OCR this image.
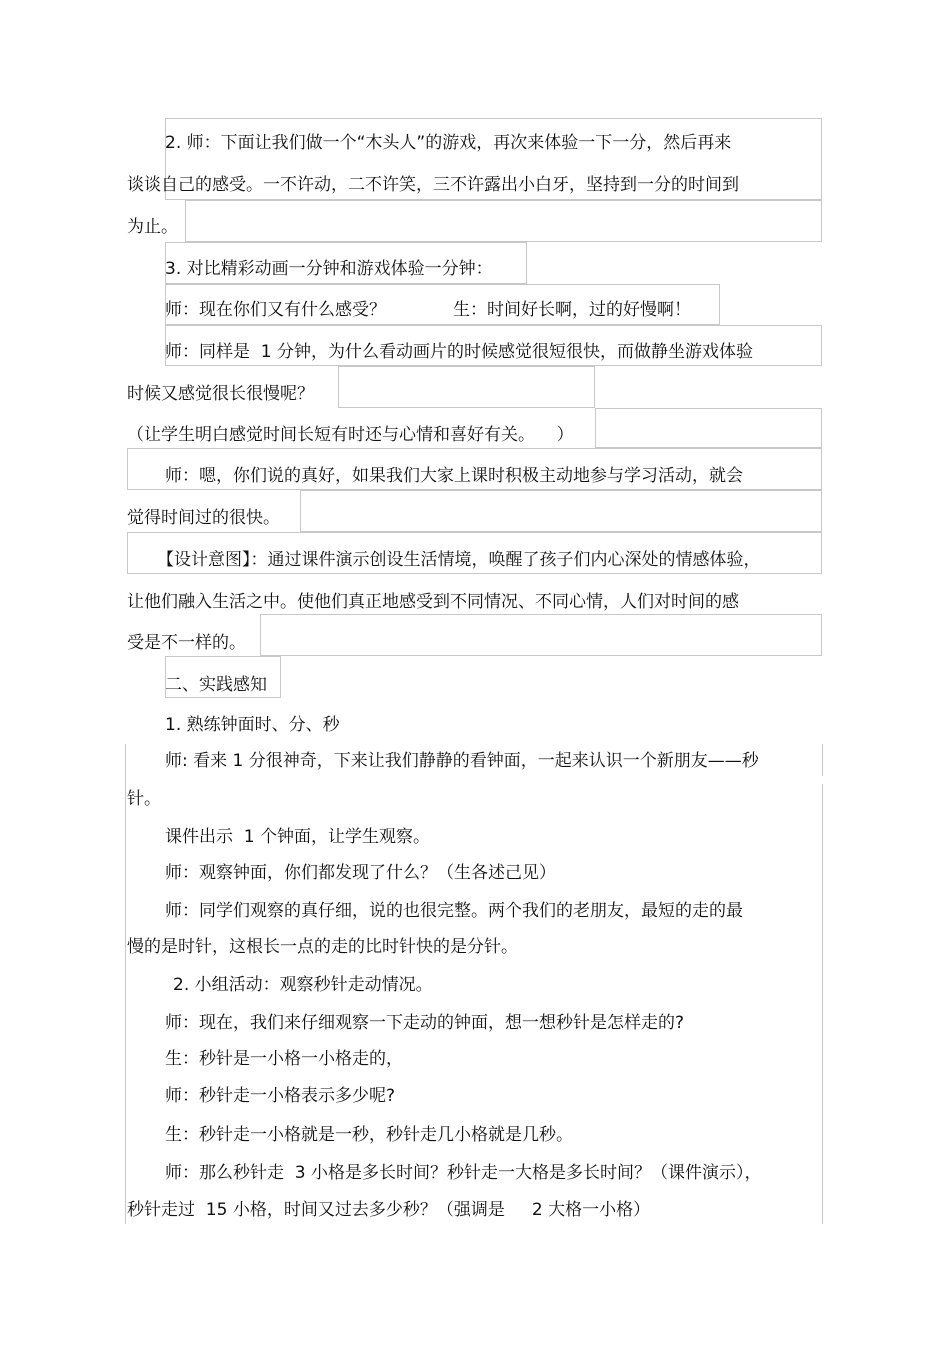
2. 师：下面让我们做一个“木头人”的游戏，再次来体验一下一分，然后再来
谈谈自己的感受。一不许动，二不许笑，三不许露出小白牙，坚持到一分的时间到
为止。
3. 对比精彩动画一分钟和游戏体验一分钟：
师：现在你们又有什么感受？	生：时间好长啊，过的好慢啊！
师：同样是  1 分钟，为什么看动画片的时候感觉很短很快，而做静坐游戏体验
时候又感觉很长很慢呢？
（让学生明白感觉时间长短有时还与心情和喜好有关。    ）
师：嗯，你们说的真好，如果我们大家上课时积极主动地参与学习活动，就会
觉得时间过的很快。
【设计意图】：通过课件演示创设生活情境，唤醒了孩子们内心深处的情感体验，
让他们融入生活之中。使他们真正地感受到不同情况、不同心情，人们对时间的感
受是不一样的。
二、实践感知
1. 熟练钟面时、分、秒
师: 看来 1 分很神奇，下来让我们静静的看钟面，一起来认识一个新朋友——秒
针。
课件出示  1 个钟面，让学生观察。
师：观察钟面，你们都发现了什么？（生各述己见）
师：同学们观察的真仔细，说的也很完整。两个我们的老朋友，最短的走的最
慢的是时针，这根长一点的走的比时针快的是分针。
2. 小组活动：观察秒针走动情况。
师：现在，我们来仔细观察一下走动的钟面，想一想秒针是怎样走的?
生：秒针是一小格一小格走的，
师：秒针走一小格表示多少呢?
生：秒针走一小格就是一秒，秒针走几小格就是几秒。
师：那么秒针走  3 小格是多长时间？秒针走一大格是多长时间？（课件演示），
秒针走过  15 小格，时间又过去多少秒？（强调是     2 大格一小格）
